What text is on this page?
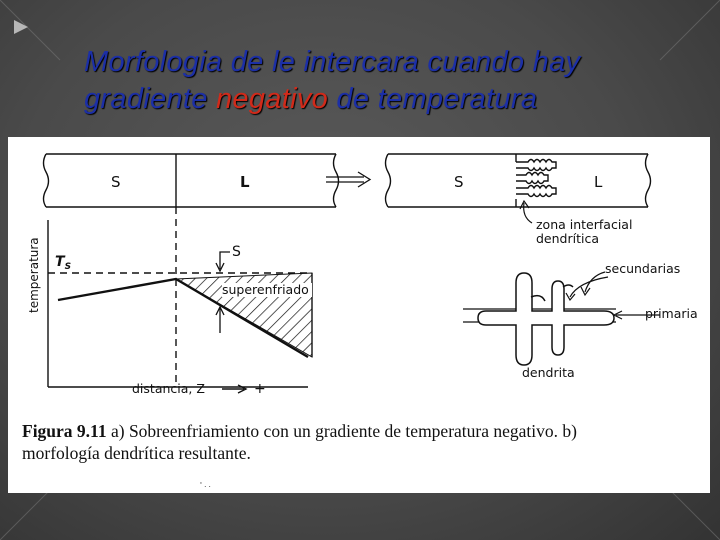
Morfologia de le intercara cuando hay gradiente negativo de temperatura
S	L	S	L
zona interfacial
dendrítica
superenfriado
S
temperatura $T_S$
distancia, Z	+
secundarias
primaria
dendrita
' . .
Figura 9.11 a) Sobreenfriamiento con un gradiente de temperatura negativo. b)
morfología dendrítica resultante.
